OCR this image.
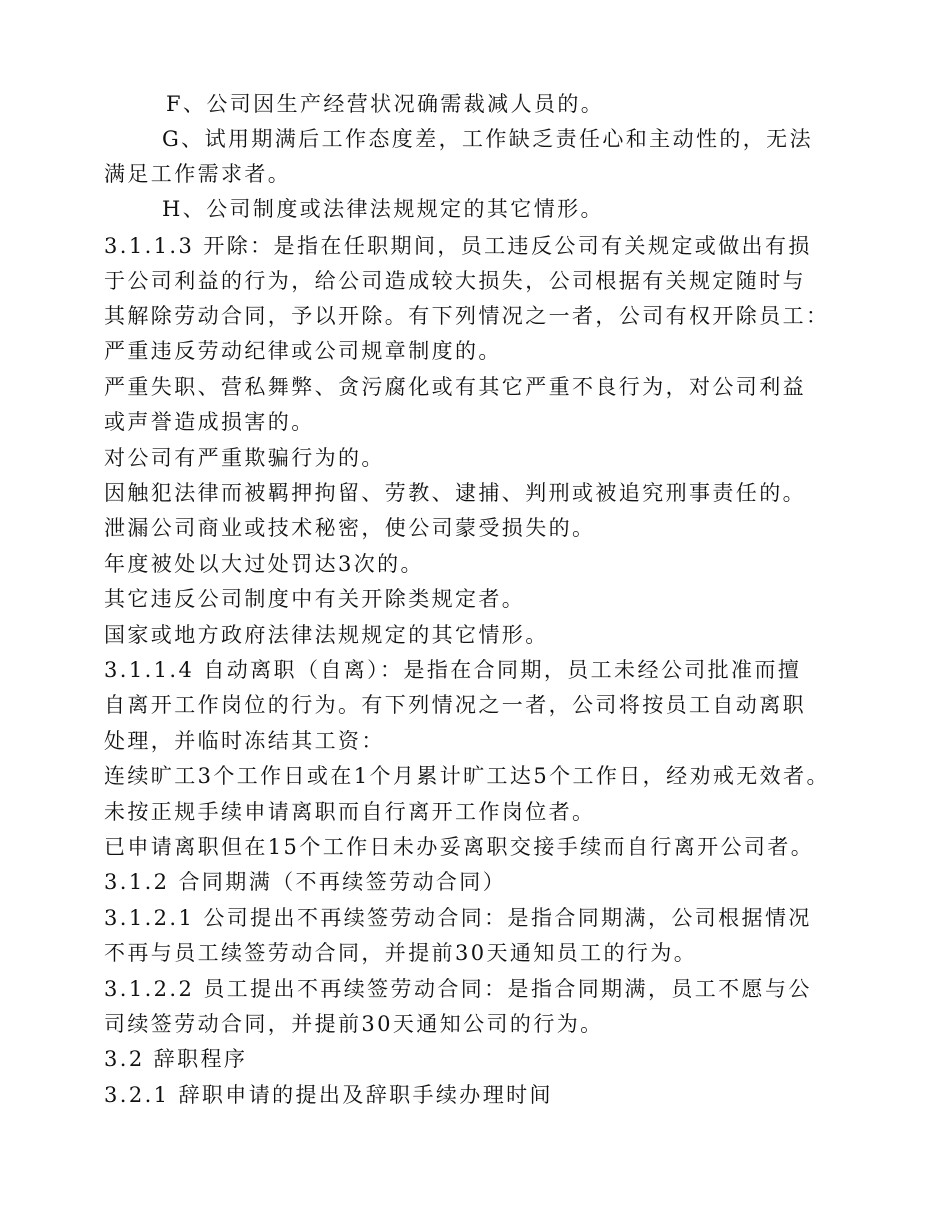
F、公司因生产经营状况确需裁减人员的。
G、试用期满后工作态度差，工作缺乏责任心和主动性的，无法
满足工作需求者。
H、公司制度或法律法规规定的其它情形。
3.1.1.3 开除：是指在任职期间，员工违反公司有关规定或做出有损
于公司利益的行为，给公司造成较大损失，公司根据有关规定随时与
其解除劳动合同，予以开除。有下列情况之一者，公司有权开除员工：
严重违反劳动纪律或公司规章制度的。
严重失职、营私舞弊、贪污腐化或有其它严重不良行为，对公司利益
或声誉造成损害的。
对公司有严重欺骗行为的。
因触犯法律而被羁押拘留、劳教、逮捕、判刑或被追究刑事责任的。
泄漏公司商业或技术秘密，使公司蒙受损失的。
年度被处以大过处罚达3次的。
其它违反公司制度中有关开除类规定者。
国家或地方政府法律法规规定的其它情形。
3.1.1.4 自动离职（自离）：是指在合同期，员工未经公司批准而擅
自离开工作岗位的行为。有下列情况之一者，公司将按员工自动离职
处理，并临时冻结其工资：
连续旷工3个工作日或在1个月累计旷工达5个工作日，经劝戒无效者。
未按正规手续申请离职而自行离开工作岗位者。
已申请离职但在15个工作日未办妥离职交接手续而自行离开公司者。
3.1.2 合同期满（不再续签劳动合同）
3.1.2.1 公司提出不再续签劳动合同：是指合同期满，公司根据情况
不再与员工续签劳动合同，并提前30天通知员工的行为。
3.1.2.2 员工提出不再续签劳动合同：是指合同期满，员工不愿与公
司续签劳动合同，并提前30天通知公司的行为。
3.2 辞职程序
3.2.1 辞职申请的提出及辞职手续办理时间
